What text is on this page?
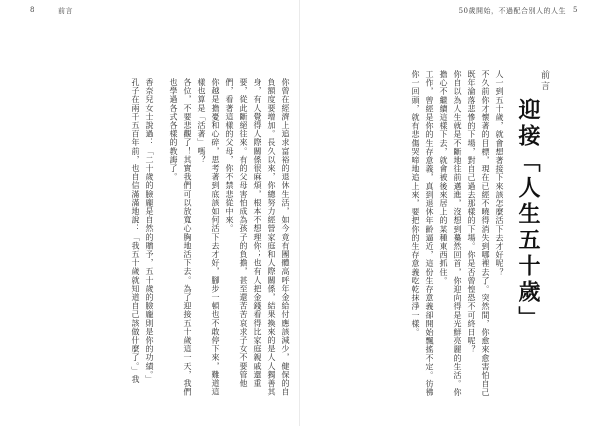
8	前言	50歲開始，不過配合別人的人生 5
前言
迎接「人生五十歲」

人一到五十歲，就會想著接下來該怎麼活下去才好呢？

不久前你才懷著的目標，現在已經不曉得消失到哪裡去了。突然間，你愈來愈害怕自己既年淪落悲慘的下場，對自己過去那樣的下場。你是否曾惶恐不可終日呢？

你自以為人生就是不斷地往前邁進，沒想到驀然回首，你迎向得是光鮮亮麗的生活。你擔心不繼續這樣下去，就會被後來居上的某種東西抓住。

工作，曾經是你的生存意義，真到退休年齡逼近，這份生存意義卻開始飄搖不定。彷彿你一回頭，就有悲傷哭啼地追上來，要把你的生存意義吃乾抹淨一樣。

你曾在經濟上追求富裕的退休生活，如今竟有團體高呼年金給付應該減少，健保的自負額度要增加。長久以來，你總努力經營家庭和人際關係，結果換來的是人人獨善其身，有人覺得人際關係很麻煩，根本不想理你；也有人把金錢看得比家庭親戚還重要，從此斷絕往來。有的父母害怕成為孩子的負擔，甚至還苦苦哀求子女不要管他們，看著這樣的父母，你不禁悲從中來。

你越是擔憂和心碎，思考著到底該如何活下去才好，腳步一頓也不敢停下來，難道這樣也算是「活著」嗎？

各位，不要悲觀了！其實我們可以放寬心胸地活下去。為了迎接五十歲這一天，我們也學過各式各樣的教誨了。

香奈兒女士說過：「二十歲的臉龐是自然的贈予，五十歲的臉龐則是你的功績。」

孔子在兩千五百年前，也自信滿滿地說：「我五十歲就知道自己該做什麼了。」我
